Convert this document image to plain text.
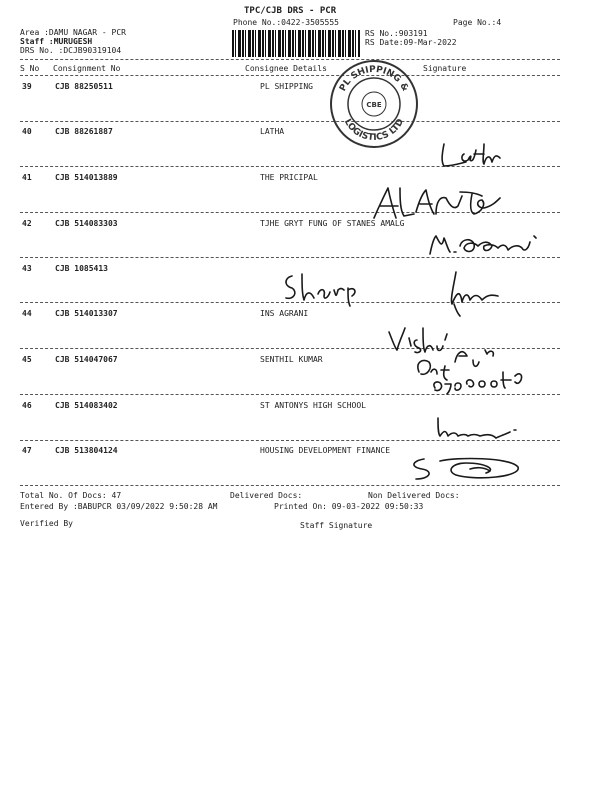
TPC/CJB DRS - PCR
Phone No.:0422-3505555	Page No.:4
Area :DAMU NAGAR - PCR
Staff :MURUGESH
DRS No. :DCJB90319104
RS No.:903191
RS Date:09-Mar-2022
S No Consignment No	Consignee Details	Signature
39	CJB 88250511	PL SHIPPING
40	CJB 88261887	LATHA
41	CJB 514013889	THE PRICIPAL
42	CJB 514083303	TJHE GRYT FUNG OF STANES AMALG
43	CJB 1085413
44	CJB 514013307	INS AGRANI
45	CJB 514047067	SENTHIL KUMAR
46	CJB 514083402	ST ANTONYS HIGH SCHOOL
47	CJB 513804124	HOUSING DEVELOPMENT FINANCE
Total No. Of Docs: 47	Delivered Docs:	Non Delivered Docs:
Entered By :BABUPCR 03/09/2022 9:50:28 AM	Printed On: 09-03-2022 09:50:33
Verified By	Staff Signature
PL SHIPPING &
LOGISTICS LTD
CBE
